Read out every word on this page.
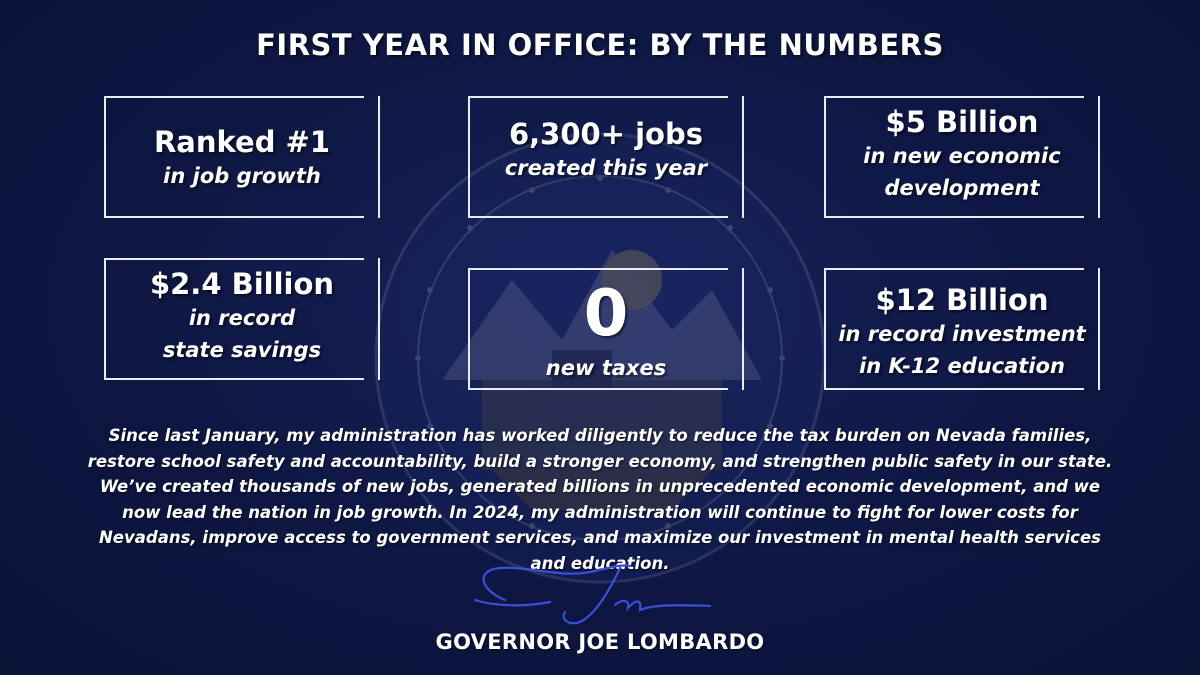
FIRST YEAR IN OFFICE: BY THE NUMBERS
Ranked #1
in job growth
6,300+ jobs
created this year
$5 Billion
in new economic
development
$2.4 Billion
in record
state savings	0
new taxes
$12 Billion
in record investment
in K-12 education
Since last January, my administration has worked diligently to reduce the tax burden on Nevada families, restore school safety and accountability, build a stronger economy, and strengthen public safety in our state. We’ve created thousands of new jobs, generated billions in unprecedented economic development, and we now lead the nation in job growth. In 2024, my administration will continue to fight for lower costs for Nevadans, improve access to government services, and maximize our investment in mental health services and education.
GOVERNOR JOE LOMBARDO
